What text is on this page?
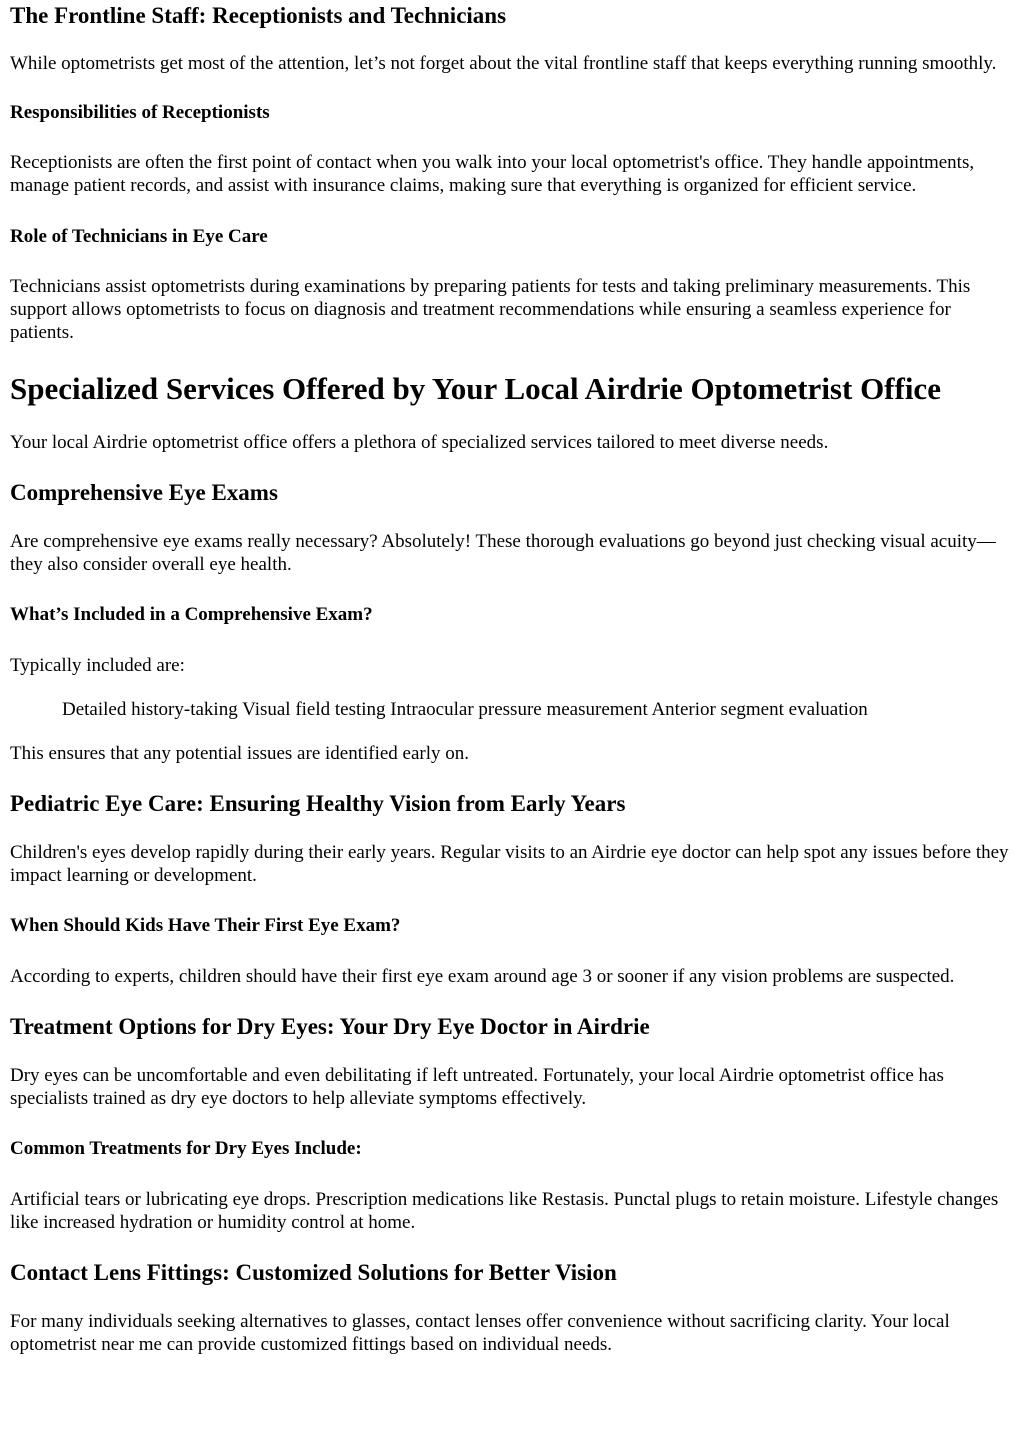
The Frontline Staff: Receptionists and Technicians

While optometrists get most of the attention, let’s not forget about the vital frontline staff that keeps everything running smoothly.

Responsibilities of Receptionists

Receptionists are often the first point of contact when you walk into your local optometrist's office. They handle appointments, manage patient records, and assist with insurance claims, making sure that everything is organized for efficient service.

Role of Technicians in Eye Care

Technicians assist optometrists during examinations by preparing patients for tests and taking preliminary measurements. This support allows optometrists to focus on diagnosis and treatment recommendations while ensuring a seamless experience for patients.

Specialized Services Offered by Your Local Airdrie Optometrist Office

Your local Airdrie optometrist office offers a plethora of specialized services tailored to meet diverse needs.

Comprehensive Eye Exams

Are comprehensive eye exams really necessary? Absolutely! These thorough evaluations go beyond just checking visual acuity—they also consider overall eye health.

What’s Included in a Comprehensive Exam?

Typically included are:

Detailed history-taking Visual field testing Intraocular pressure measurement Anterior segment evaluation

This ensures that any potential issues are identified early on.

Pediatric Eye Care: Ensuring Healthy Vision from Early Years

Children's eyes develop rapidly during their early years. Regular visits to an Airdrie eye doctor can help spot any issues before they impact learning or development.

When Should Kids Have Their First Eye Exam?

According to experts, children should have their first eye exam around age 3 or sooner if any vision problems are suspected.

Treatment Options for Dry Eyes: Your Dry Eye Doctor in Airdrie

Dry eyes can be uncomfortable and even debilitating if left untreated. Fortunately, your local Airdrie optometrist office has specialists trained as dry eye doctors to help alleviate symptoms effectively.

Common Treatments for Dry Eyes Include:

Artificial tears or lubricating eye drops. Prescription medications like Restasis. Punctal plugs to retain moisture. Lifestyle changes like increased hydration or humidity control at home.

Contact Lens Fittings: Customized Solutions for Better Vision

For many individuals seeking alternatives to glasses, contact lenses offer convenience without sacrificing clarity. Your local optometrist near me can provide customized fittings based on individual needs.
